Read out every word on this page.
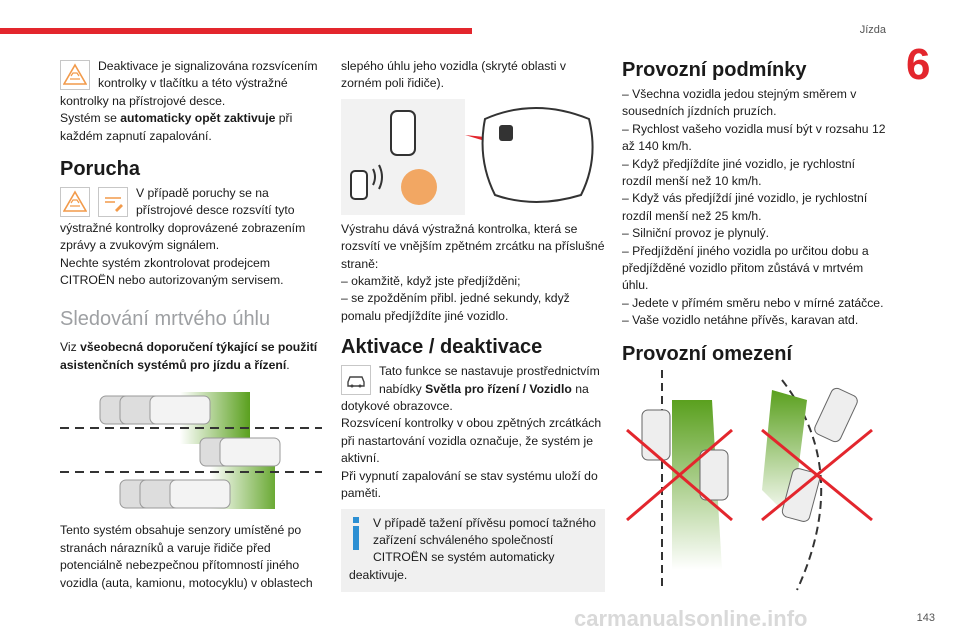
Jízda
6

Deaktivace je signalizována rozsvícením

kontrolky v tlačítku a této výstražné

kontrolky na přístrojové desce.

Systém se automaticky opět zaktivuje při každém zapnutí zapalování.

Porucha

V případě poruchy se na přístrojové desce rozsvítí tyto výstražné kontrolky doprovázené zobrazením zprávy a zvukovým signálem.

Nechte systém zkontrolovat prodejcem CITROËN nebo autorizovaným servisem.

Sledování mrtvého úhlu

Viz všeobecná doporučení týkající se použití asistenčních systémů pro jízdu a řízení.

Tento systém obsahuje senzory umístěné po stranách nárazníků a varuje řidiče před potenciálně nebezpečnou přítomností jiného vozidla (auta, kamionu, motocyklu) v oblastech

slepého úhlu jeho vozidla (skryté oblasti v zorném poli řidiče).

Výstrahu dává výstražná kontrolka, která se rozsvítí ve vnějším zpětném zrcátku na příslušné straně:

– okamžitě, když jste předjížděni;

– se zpožděním přibl. jedné sekundy, když pomalu předjíždíte jiné vozidlo.

Aktivace / deaktivace

Tato funkce se nastavuje prostřednictvím nabídky Světla pro řízení / Vozidlo na dotykové obrazovce.

Rozsvícení kontrolky v obou zpětných zrcátkách při nastartování vozidla označuje, že systém je aktivní.

Při vypnutí zapalování se stav systému uloží do paměti.

V případě tažení přívěsu pomocí tažného zařízení schváleného společností CITROËN se systém automaticky deaktivuje.

Provozní podmínky

– Všechna vozidla jedou stejným směrem v sousedních jízdních pruzích.

– Rychlost vašeho vozidla musí být v rozsahu 12 až 140 km/h.

– Když předjíždíte jiné vozidlo, je rychlostní rozdíl menší než 10 km/h.

– Když vás předjíždí jiné vozidlo, je rychlostní rozdíl menší než 25 km/h.

– Silniční provoz je plynulý.

– Předjíždění jiného vozidla po určitou dobu a předjížděné vozidlo přitom zůstává v mrtvém úhlu.

– Jedete v přímém směru nebo v mírné zatáčce.

– Vaše vozidlo netáhne přívěs, karavan atd.

Provozní omezení
carmanualsonline.info	143
